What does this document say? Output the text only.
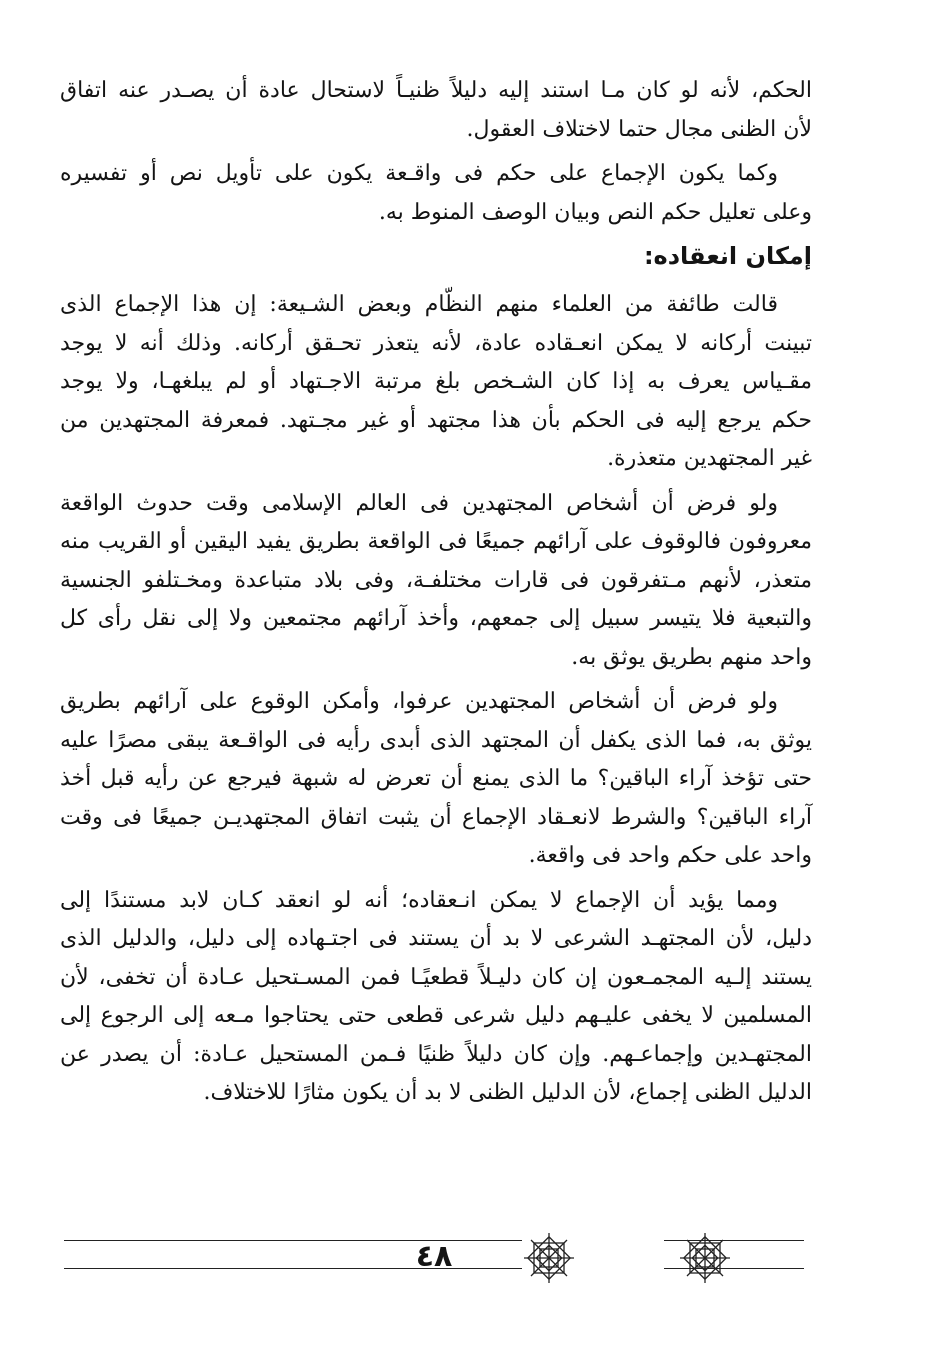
الحكم، لأنه لو كان مـا استند إليه دليلاً ظنيـاً لاستحال عادة أن يصـدر عنه اتفاق
لأن الظنى مجال حتما لاختلاف العقول.
وكما يكون الإجماع على حكم فى واقـعة يكون على تأويل نص أو تفسيره
وعلى تعليل حكم النص وبيان الوصف المنوط به.
إمكان انعقاده:
قالت طائفة من العلماء منهم النظّام وبعض الشـيعة: إن هذا الإجماع الذى
تبينت أركانه لا يمكن انعـقاده عادة، لأنه يتعذر تحـقق أركانه. وذلك أنه لا يوجد
مقـياس يعرف به إذا كان الشـخص بلغ مرتبة الاجـتهاد أو لم يبلغهـا، ولا يوجد
حكم يرجع إليه فى الحكم بأن هذا مجتهد أو غير مجـتهد. فمعرفة المجتهدين من
غير المجتهدين متعذرة.
ولو فرض أن أشخاص المجتهدين فى العالم الإسلامى وقت حدوث الواقعة
معروفون فالوقوف على آرائهم جميعًا فى الواقعة بطريق يفيد اليقين أو القريب منه
متعذر، لأنهم مـتفرقون فى قارات مختلفـة، وفى بلاد متباعدة ومخـتلفو الجنسية
والتبعية فلا يتيسر سبيل إلى جمعهم، وأخذ آرائهم مجتمعين ولا إلى نقل رأى كل
واحد منهم بطريق يوثق به.
ولو فرض أن أشخاص المجتهدين عرفوا، وأمكن الوقوع على آرائهم بطريق
يوثق به، فما الذى يكفل أن المجتهد الذى أبدى رأيه فى الواقـعة يبقى مصرًا عليه
حتى تؤخذ آراء الباقين؟ ما الذى يمنع أن تعرض له شبهة فيرجع عن رأيه قبل أخذ
آراء الباقين؟ والشرط لانعـقاد الإجماع أن يثبت اتفاق المجتهديـن جميعًا فى وقت
واحد على حكم واحد فى واقعة.
ومما يؤيد أن الإجماع لا يمكن انـعقاده؛ أنه لو انعقد كـان لابد مستندًا إلى
دليل، لأن المجتهـد الشرعى لا بد أن يستند فى اجتـهاده إلى دليل، والدليل الذى
يستند إلـيه المجمـعون إن كان دليـلاً قطعيًـا فمن المسـتحيل عـادة أن تخفى، لأن
المسلمين لا يخفى عليـهم دليل شرعى قطعى حتى يحتاجوا مـعه إلى الرجوع إلى
المجتهـدين وإجماعـهم. وإن كان دليلاً ظنيًا فـمن المستحيل عـادة: أن يصدر عن
الدليل الظنى إجماع، لأن الدليل الظنى لا بد أن يكون مثارًا للاختلاف.
٤٨
